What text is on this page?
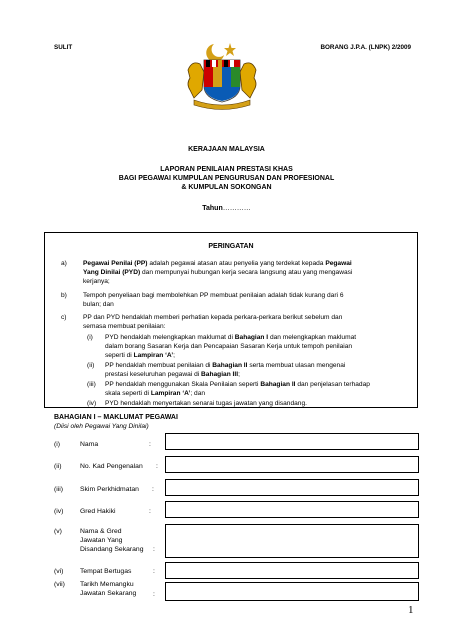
SULIT	BORANG J.P.A. (LNPK) 2/2009
KERAJAAN MALAYSIA
LAPORAN PENILAIAN PRESTASI KHAS
BAGI PEGAWAI KUMPULAN PENGURUSAN DAN PROFESIONAL
& KUMPULAN SOKONGAN
Tahun…………
PERINGATAN
a) Pegawai Penilai (PP) adalah pegawai atasan atau penyelia yang terdekat kepada Pegawai
Yang Dinilai (PYD) dan mempunyai hubungan kerja secara langsung atau yang mengawasi
kerjanya;
b) Tempoh penyeliaan bagi membolehkan PP membuat penilaian adalah tidak kurang dari 6
bulan; dan
c)	PP dan PYD hendaklah memberi perhatian kepada perkara-perkara berikut sebelum dan
semasa membuat penilaian:
(i) PYD hendaklah melengkapkan maklumat di Bahagian I dan melengkapkan maklumat
dalam borang Sasaran Kerja dan Pencapaian Sasaran Kerja untuk tempoh penilaian
seperti di Lampiran ‘A’;
(ii) PP hendaklah membuat penilaian di Bahagian II serta membuat ulasan mengenai
prestasi keseluruhan pegawai di Bahagian III;
(iii) PP hendaklah menggunakan Skala Penilaian seperti Bahagian II dan penjelasan terhadap
skala seperti di Lampiran ‘A’; dan
(iv) PYD hendaklah menyertakan senarai tugas jawatan yang disandang.
BAHAGIAN I – MAKLUMAT PEGAWAI
(Diisi oleh Pegawai Yang Dinilai)
(i)	Nama	:
(ii)	No. Kad Pengenalan :
(iii) Skim Perkhidmatan :
(iv) Gred Hakiki	:
(v)	Nama & Gred
Jawatan Yang
Disandang Sekarang :
(vi) Tempat Bertugas	:
(vii) Tarikh Memangku
Jawatan Sekarang :
1
